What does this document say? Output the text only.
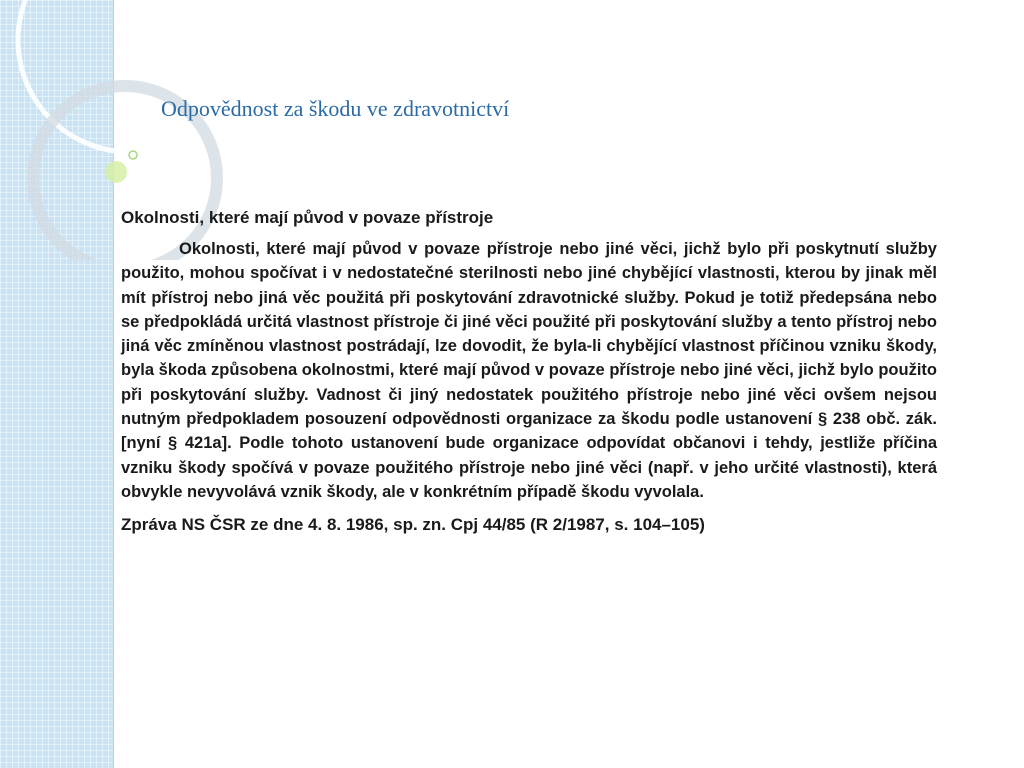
Odpovědnost za škodu ve zdravotnictví

Okolnosti, které mají původ v povaze přístroje

Okolnosti, které mají původ v povaze přístroje nebo jiné věci, jichž bylo při poskytnutí služby použito, mohou spočívat i v nedostatečné sterilnosti nebo jiné chybějící vlastnosti, kterou by jinak měl mít přístroj nebo jiná věc použitá při poskytování zdravotnické služby. Pokud je totiž předepsána nebo se předpokládá určitá vlastnost přístroje či jiné věci použité při poskytování služby a tento přístroj nebo jiná věc zmíněnou vlastnost postrádají, lze dovodit, že byla-li chybějící vlastnost příčinou vzniku škody, byla škoda způsobena okolnostmi, které mají původ v povaze přístroje nebo jiné věci, jichž bylo použito při poskytování služby. Vadnost či jiný nedostatek použitého přístroje nebo jiné věci ovšem nejsou nutným předpokladem posouzení odpovědnosti organizace za škodu podle ustanovení § 238 obč. zák. [nyní § 421a]. Podle tohoto ustanovení bude organizace odpovídat občanovi i tehdy, jestliže příčina vzniku škody spočívá v povaze použitého přístroje nebo jiné věci (např. v jeho určité vlastnosti), která obvykle nevyvolává vznik škody, ale v konkrétním případě škodu vyvolala.

Zpráva NS ČSR ze dne 4. 8. 1986, sp. zn. Cpj 44/85 (R 2/1987, s. 104–105)
